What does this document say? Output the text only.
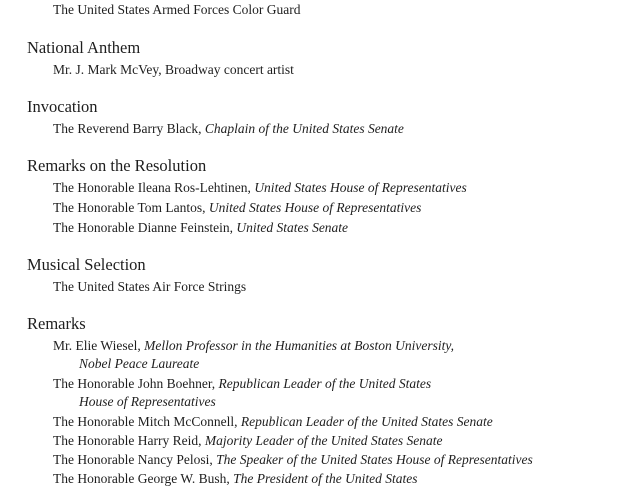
The United States Armed Forces Color Guard
National Anthem
Mr. J. Mark McVey, Broadway concert artist
Invocation
The Reverend Barry Black, Chaplain of the United States Senate
Remarks on the Resolution
The Honorable Ileana Ros-Lehtinen, United States House of Representatives
The Honorable Tom Lantos, United States House of Representatives
The Honorable Dianne Feinstein, United States Senate
Musical Selection
The United States Air Force Strings
Remarks
Mr. Elie Wiesel, Mellon Professor in the Humanities at Boston University,
Nobel Peace Laureate
The Honorable John Boehner, Republican Leader of the United States
House of Representatives
The Honorable Mitch McConnell, Republican Leader of the United States Senate
The Honorable Harry Reid, Majority Leader of the United States Senate
The Honorable Nancy Pelosi, The Speaker of the United States House of Representatives
The Honorable George W. Bush, The President of the United States
